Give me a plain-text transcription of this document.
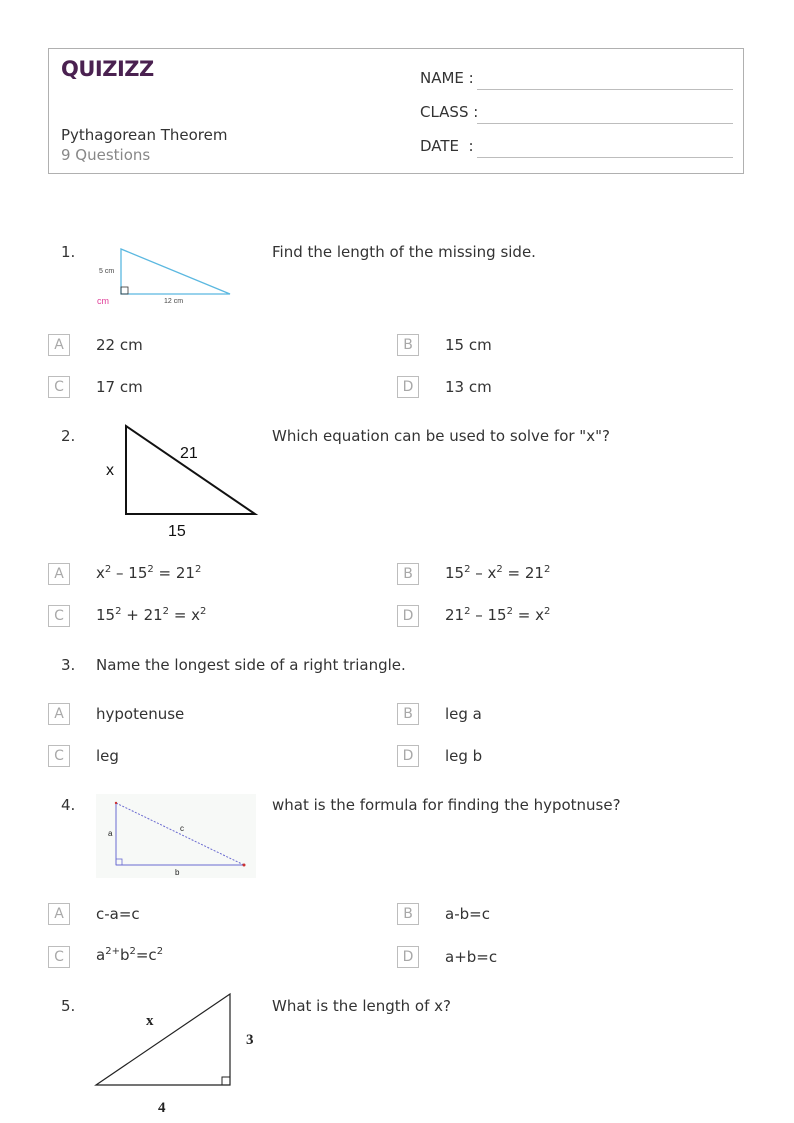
QUIZIZZ
Pythagorean Theorem
9 Questions
NAME :
CLASS :
DATE  :
1.
5 cm
12 cm
cm
Find the length of the missing side.
A	22 cm	B	15 cm
C	17 cm	D	13 cm
2.
x
21
15
Which equation can be used to solve for "x"?
A	$x^2 - 15^2 = 21^2$	B	$15^2 - x^2 = 21^2$
C	$15^2 + 21^2 = x^2$	D	$21^2 - 15^2 = x^2$
3. Name the longest side of a right triangle.
A	hypotenuse	B	leg a
C	leg	D	leg b
4.
a
c
b
what is the formula for finding the hypotnuse?
A	c-a=c	B	a-b=c
C	$a^{2+}b^2=c^2$	D	a+b=c
5.
x
3
4
What is the length of x?
